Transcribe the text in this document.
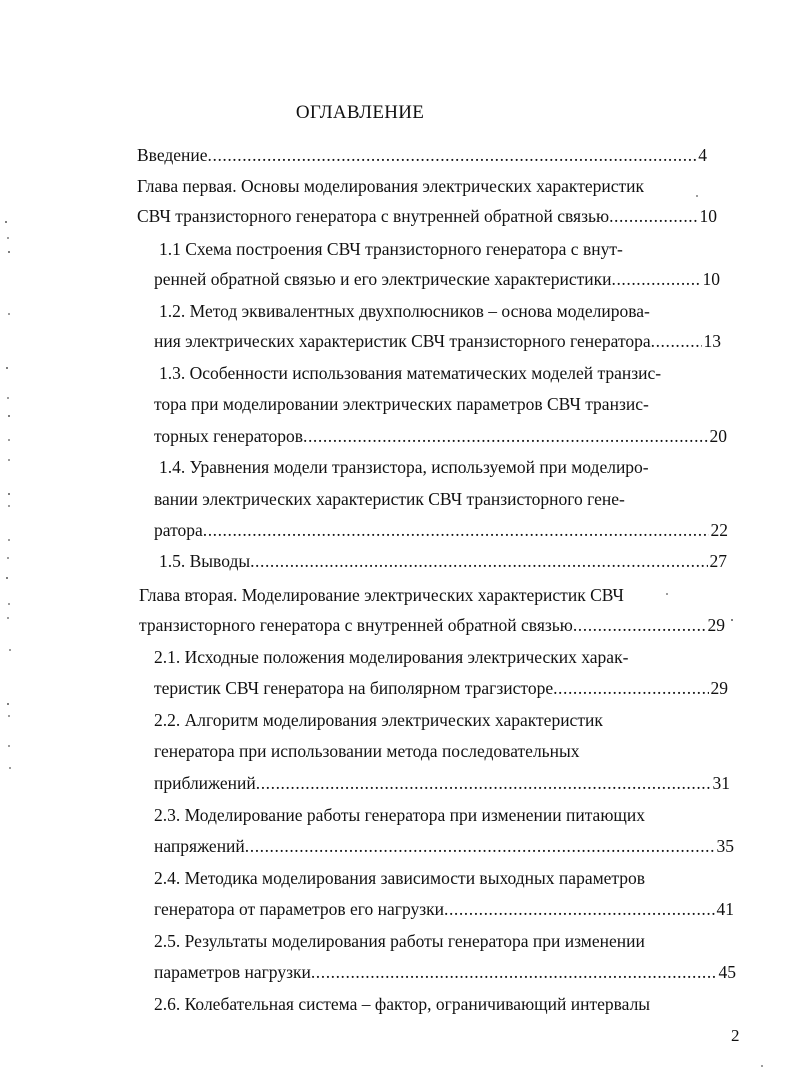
ОГЛАВЛЕНИЕ
Введение . . .	4
Глава первая. Основы моделирования электрических характеристик
СВЧ транзисторного генератора с внутренней обратной связью . . .	10
1.1 Схема построения СВЧ транзисторного генератора с внут-
ренней обратной связью и его электрические характеристики . . .	10
1.2. Метод эквивалентных двухполюсников – основа моделирова-
ния электрических характеристик СВЧ транзисторного генератора . . .	13
1.3. Особенности использования математических моделей транзис-
тора при моделировании электрических параметров СВЧ транзис-
торных генераторов . . .	20
1.4. Уравнения модели транзистора, используемой при моделиро-
вании электрических характеристик СВЧ транзисторного гене-
ратора . . .	22
1.5. Выводы . . .	27
Глава вторая. Моделирование электрических характеристик СВЧ
транзисторного генератора с внутренней обратной связью . . .	29
2.1. Исходные положения моделирования электрических харак-
теристик СВЧ генератора на биполярном трагзисторе . . .	29
2.2. Алгоритм моделирования электрических характеристик
генератора при использовании метода последовательных
приближений . . .	31
2.3. Моделирование работы генератора при изменении питающих
напряжений . . .	35
2.4. Методика моделирования зависимости выходных параметров
генератора от параметров его нагрузки . . .	41
2.5. Результаты моделирования работы генератора при изменении
параметров нагрузки . . .	45
2.6. Колебательная система – фактор, ограничивающий интервалы
2
